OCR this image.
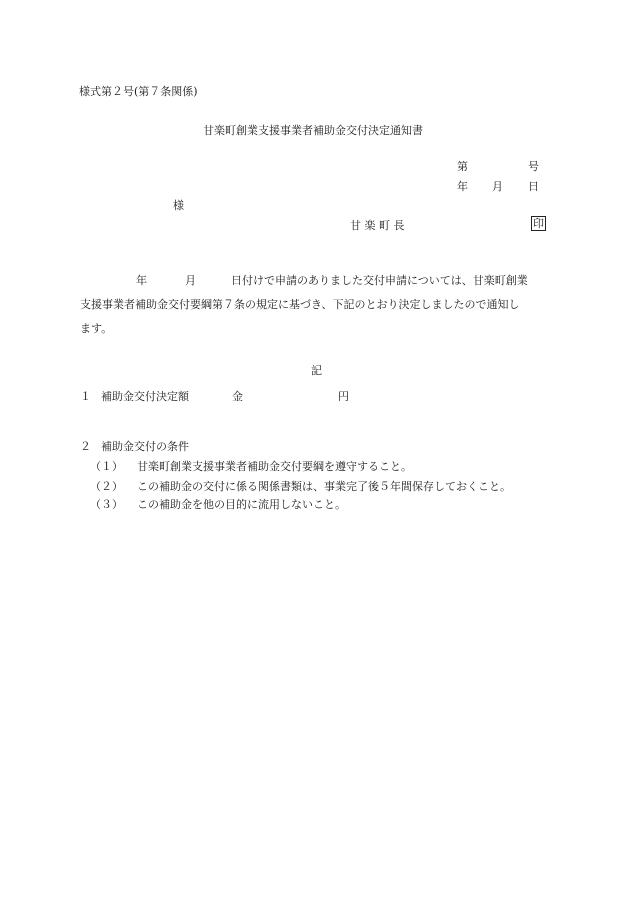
様式第２号(第７条関係)
甘楽町創業支援事業者補助金交付決定通知書
第	号
年 月 日
様
甘 楽 町 長	印
年	月	日付けで申請のありました交付申請については、甘楽町創業
支援事業者補助金交付要綱第７条の規定に基づき、下記のとおり決定しましたので通知し
ます。
記
１ 補助金交付決定額	金	円
２ 補助金交付の条件
（１） 甘楽町創業支援事業者補助金交付要綱を遵守すること。
（２） この補助金の交付に係る関係書類は、事業完了後５年間保存しておくこと。
（３） この補助金を他の目的に流用しないこと。
